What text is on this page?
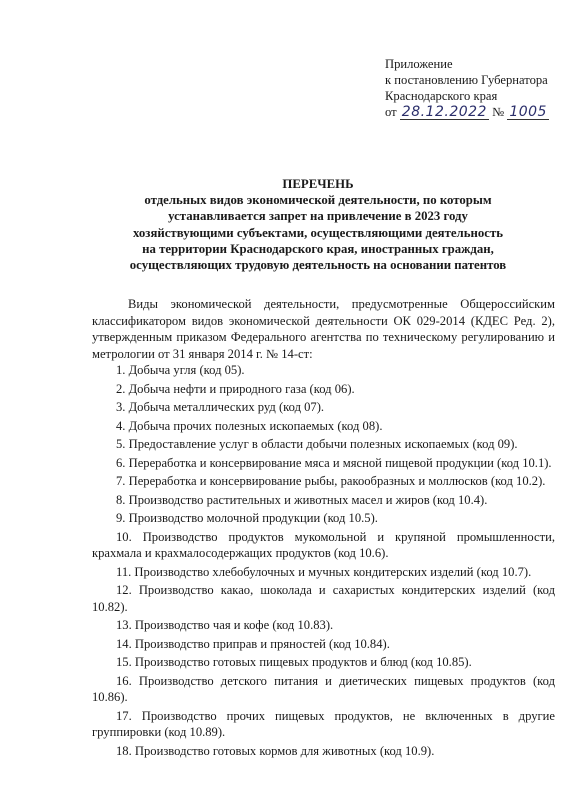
Приложение
к постановлению Губернатора
Краснодарского края
от 28.12.2022 № 1005
ПЕРЕЧЕНЬ
отдельных видов экономической деятельности, по которым
устанавливается запрет на привлечение в 2023 году
хозяйствующими субъектами, осуществляющими деятельность
на территории Краснодарского края, иностранных граждан,
осуществляющих трудовую деятельность на основании патентов

Виды экономической деятельности, предусмотренные Общероссийским классификатором видов экономической деятельности ОК 029-2014 (КДЕС Ред. 2), утвержденным приказом Федерального агентства по техническому регулированию и метрологии от 31 января 2014 г. № 14-ст:

1. Добыча угля (код 05).
2. Добыча нефти и природного газа (код 06).
3. Добыча металлических руд (код 07).
4. Добыча прочих полезных ископаемых (код 08).
5. Предоставление услуг в области добычи полезных ископаемых (код 09).
6. Переработка и консервирование мяса и мясной пищевой продукции (код 10.1).
7. Переработка и консервирование рыбы, ракообразных и моллюсков (код 10.2).
8. Производство растительных и животных масел и жиров (код 10.4).
9. Производство молочной продукции (код 10.5).
10. Производство продуктов мукомольной и крупяной промышленности, крахмала и крахмалосодержащих продуктов (код 10.6).
11. Производство хлебобулочных и мучных кондитерских изделий (код 10.7).
12. Производство какао, шоколада и сахаристых кондитерских изделий (код 10.82).
13. Производство чая и кофе (код 10.83).
14. Производство приправ и пряностей (код 10.84).
15. Производство готовых пищевых продуктов и блюд (код 10.85).
16. Производство детского питания и диетических пищевых продуктов (код 10.86).
17. Производство прочих пищевых продуктов, не включенных в другие группировки (код 10.89).
18. Производство готовых кормов для животных (код 10.9).
